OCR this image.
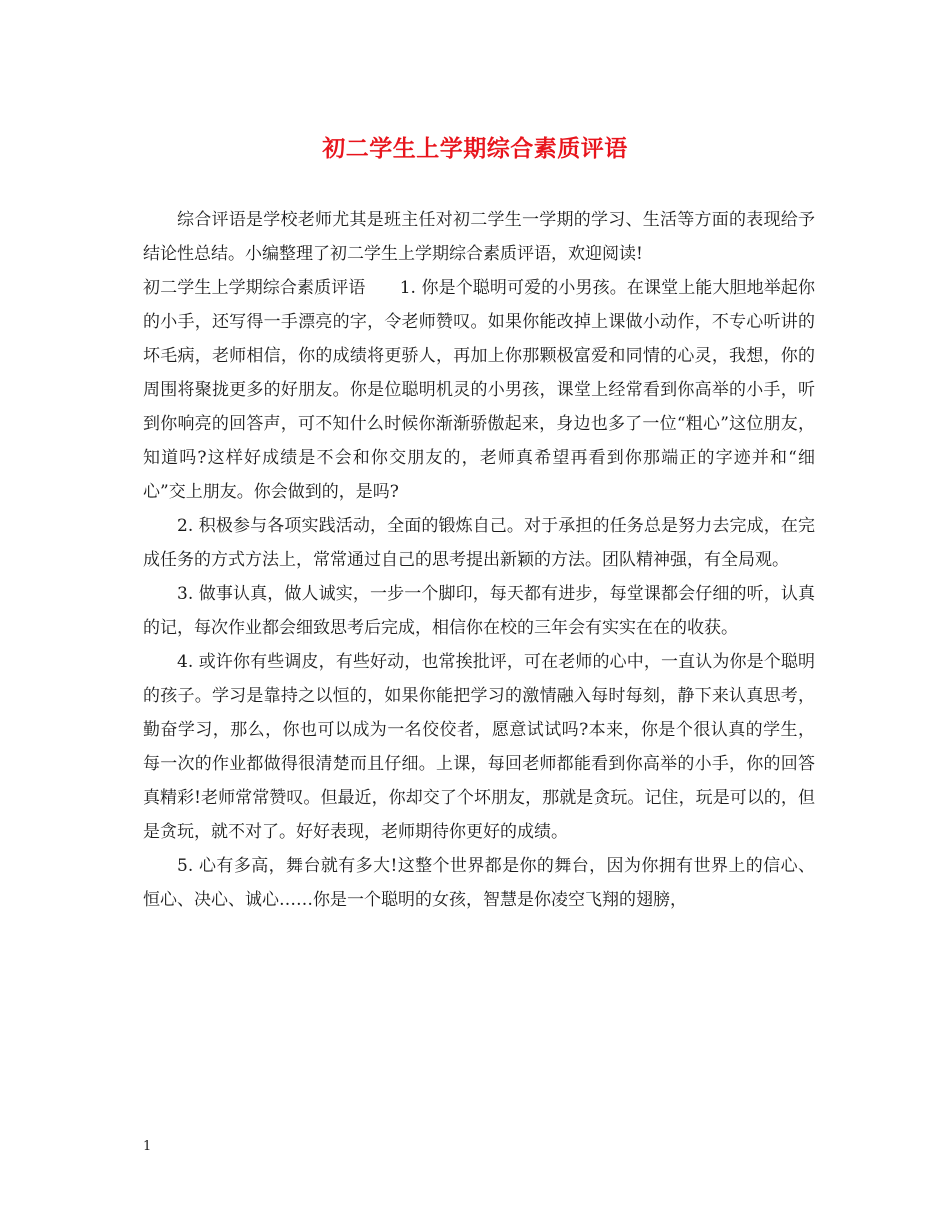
初二学生上学期综合素质评语

综合评语是学校老师尤其是班主任对初二学生一学期的学习、生活等方面的表现给予结论性总结。小编整理了初二学生上学期综合素质评语，欢迎阅读!

初二学生上学期综合素质评语　　1. 你是个聪明可爱的小男孩。在课堂上能大胆地举起你的小手，还写得一手漂亮的字，令老师赞叹。如果你能改掉上课做小动作，不专心听讲的坏毛病，老师相信，你的成绩将更骄人，再加上你那颗极富爱和同情的心灵，我想，你的周围将聚拢更多的好朋友。你是位聪明机灵的小男孩，课堂上经常看到你高举的小手，听到你响亮的回答声，可不知什么时候你渐渐骄傲起来，身边也多了一位“粗心”这位朋友，知道吗?这样好成绩是不会和你交朋友的，老师真希望再看到你那端正的字迹并和“细心”交上朋友。你会做到的，是吗?

2. 积极参与各项实践活动，全面的锻炼自己。对于承担的任务总是努力去完成，在完成任务的方式方法上，常常通过自己的思考提出新颖的方法。团队精神强，有全局观。

3. 做事认真，做人诚实，一步一个脚印，每天都有进步，每堂课都会仔细的听，认真的记，每次作业都会细致思考后完成，相信你在校的三年会有实实在在的收获。

4. 或许你有些调皮，有些好动，也常挨批评，可在老师的心中，一直认为你是个聪明的孩子。学习是靠持之以恒的，如果你能把学习的激情融入每时每刻，静下来认真思考，勤奋学习，那么，你也可以成为一名佼佼者，愿意试试吗?本来，你是个很认真的学生，每一次的作业都做得很清楚而且仔细。上课，每回老师都能看到你高举的小手，你的回答真精彩!老师常常赞叹。但最近，你却交了个坏朋友，那就是贪玩。记住，玩是可以的，但是贪玩，就不对了。好好表现，老师期待你更好的成绩。

5. 心有多高，舞台就有多大!这整个世界都是你的舞台，因为你拥有世界上的信心、恒心、决心、诚心……你是一个聪明的女孩，智慧是你凌空飞翔的翅膀，

1
